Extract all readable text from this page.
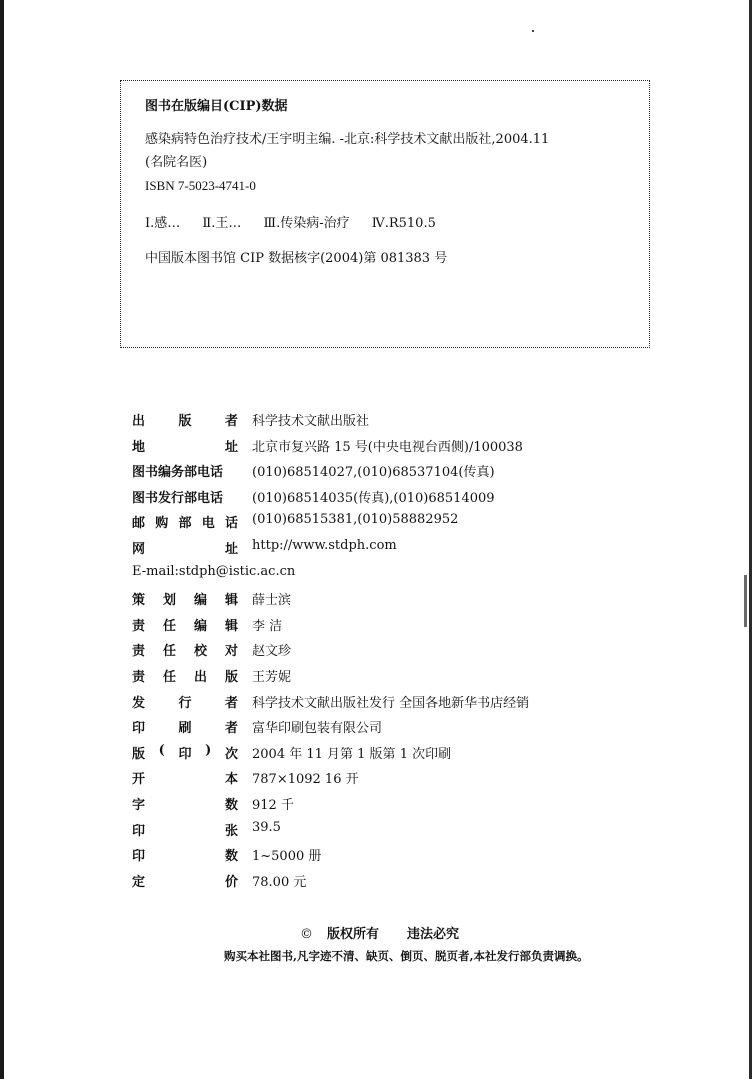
图书在版编目(CIP)数据
感染病特色治疗技术/王宇明主编. -北京:科学技术文献出版社,2004.11
(名院名医)
ISBN 7-5023-4741-0
Ⅰ.感… Ⅱ.王… Ⅲ.传染病-治疗 Ⅳ.R510.5
中国版本图书馆 CIP 数据核字(2004)第 081383 号
出	版	者 科学技术文献出版社
地	址 北京市复兴路 15 号(中央电视台西侧)/100038
图书编务部电话 (010)68514027,(010)68537104(传真)
图书发行部电话 (010)68514035(传真),(010)68514009
邮 购 部 电 话 (010)68515381,(010)58882952
网	址 http://www.stdph.com
E-mail:stdph@istic.ac.cn
策 划 编 辑 薛士滨
责 任 编 辑 李 洁
责 任 校 对 赵文珍
责 任 出 版 王芳妮
发	行	者 科学技术文献出版社发行 全国各地新华书店经销
印	刷	者 富华印刷包装有限公司
版 ( 印 ) 次 2004 年 11 月第 1 版第 1 次印刷
开	本 787×1092 16 开
字	数 912 千
印	张 39.5
印	数 1~5000 册
定	价 78.00 元
© 版权所有 违法必究
购买本社图书,凡字迹不清、缺页、倒页、脱页者,本社发行部负责调换。
